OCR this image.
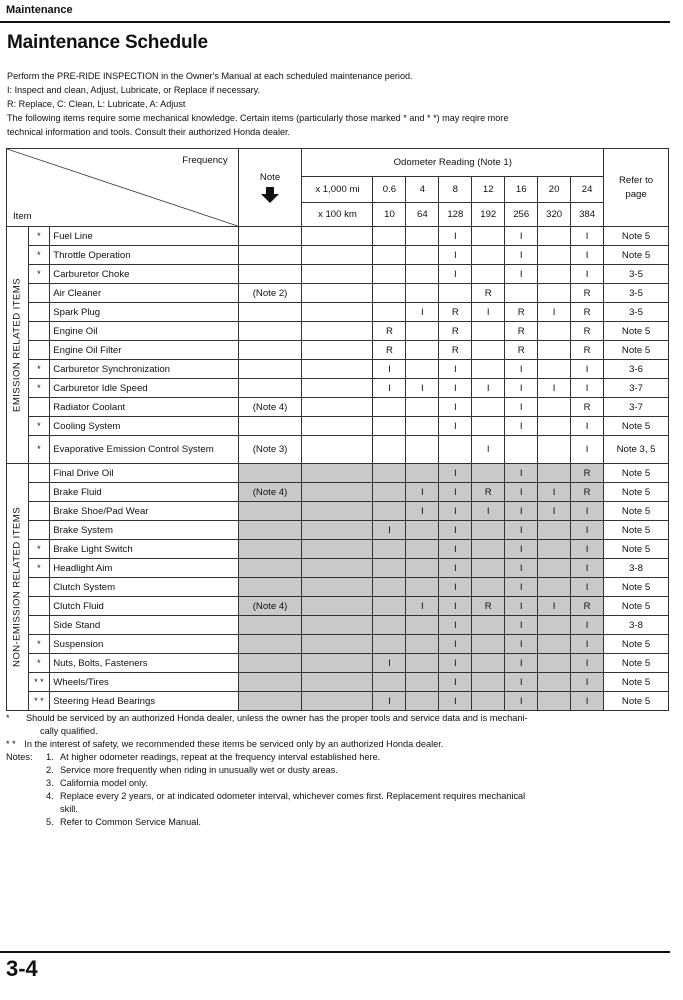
Maintenance
Maintenance Schedule
Perform the PRE-RIDE INSPECTION in the Owner's Manual at each scheduled maintenance period.
I: Inspect and clean, Adjust, Lubricate, or Replace if necessary.
R: Replace, C: Clean, L: Lubricate, A: Adjust
The following items require some mechanical knowledge. Certain items (particularly those marked * and * *) may reqire more
technical information and tools. Consult their authorized Honda dealer.
Frequency
Item			Note	Odometer Reading (Note 1)								Refer to page

				x 1,000 mi	0.6	4	8	12	16	20	24	
				x 100 km	10	64	128	192	256	320	384	

EMISSION RELATED ITEMS	*	Fuel Line					I		I		I	Note 5
	*	Throttle Operation					I		I		I	Note 5
	*	Carburetor Choke					I		I		I	3-5
		Air Cleaner	(Note 2)					R			R	3-5
		Spark Plug				I	R	I	R	I	R	3-5
		Engine Oil			R		R		R		R	Note 5
		Engine Oil Filter			R		R		R		R	Note 5
	*	Carburetor Synchronization			I		I		I		I	3-6
	*	Carburetor Idle Speed			I	I	I	I	I	I	I	3-7
		Radiator Coolant	(Note 4)				I		I		R	3-7
	*	Cooling System					I		I		I	Note 5
	*	Evaporative Emission Control System	(Note 3)					I			I	Note 3, 5

NON-EMISSION RELATED ITEMS		Final Drive Oil					I		I		R	Note 5
		Brake Fluid	(Note 4)			I	I	R	I	I	R	Note 5
		Brake Shoe/Pad Wear				I	I	I	I	I	I	Note 5
		Brake System			I		I		I		I	Note 5
	*	Brake Light Switch					I		I		I	Note 5
	*	Headlight Aim					I		I		I	3-8
		Clutch System					I		I		I	Note 5
		Clutch Fluid	(Note 4)			I	I	R	I	I	R	Note 5
		Side Stand					I		I		I	3-8
	*	Suspension					I		I		I	Note 5
	*	Nuts, Bolts, Fasteners			I		I		I		I	Note 5
	* *	Wheels/Tires					I		I		I	Note 5
	* *	Steering Head Bearings			I		I		I		I	Note 5
* Should be serviced by an authorized Honda dealer, unless the owner has the proper tools and service data and is mechani-
cally qualified.
* * In the interest of safety, we recommended these items be serviced only by an authorized Honda dealer.
Notes: 1. At higher odometer readings, repeat at the frequency interval established here.
2. Service more frequently when riding in unusually wet or dusty areas.
3. California model only.
4. Replace every 2 years, or at indicated odometer interval, whichever comes first. Replacement requires mechanical
skill.
5. Refer to Common Service Manual.
3-4
